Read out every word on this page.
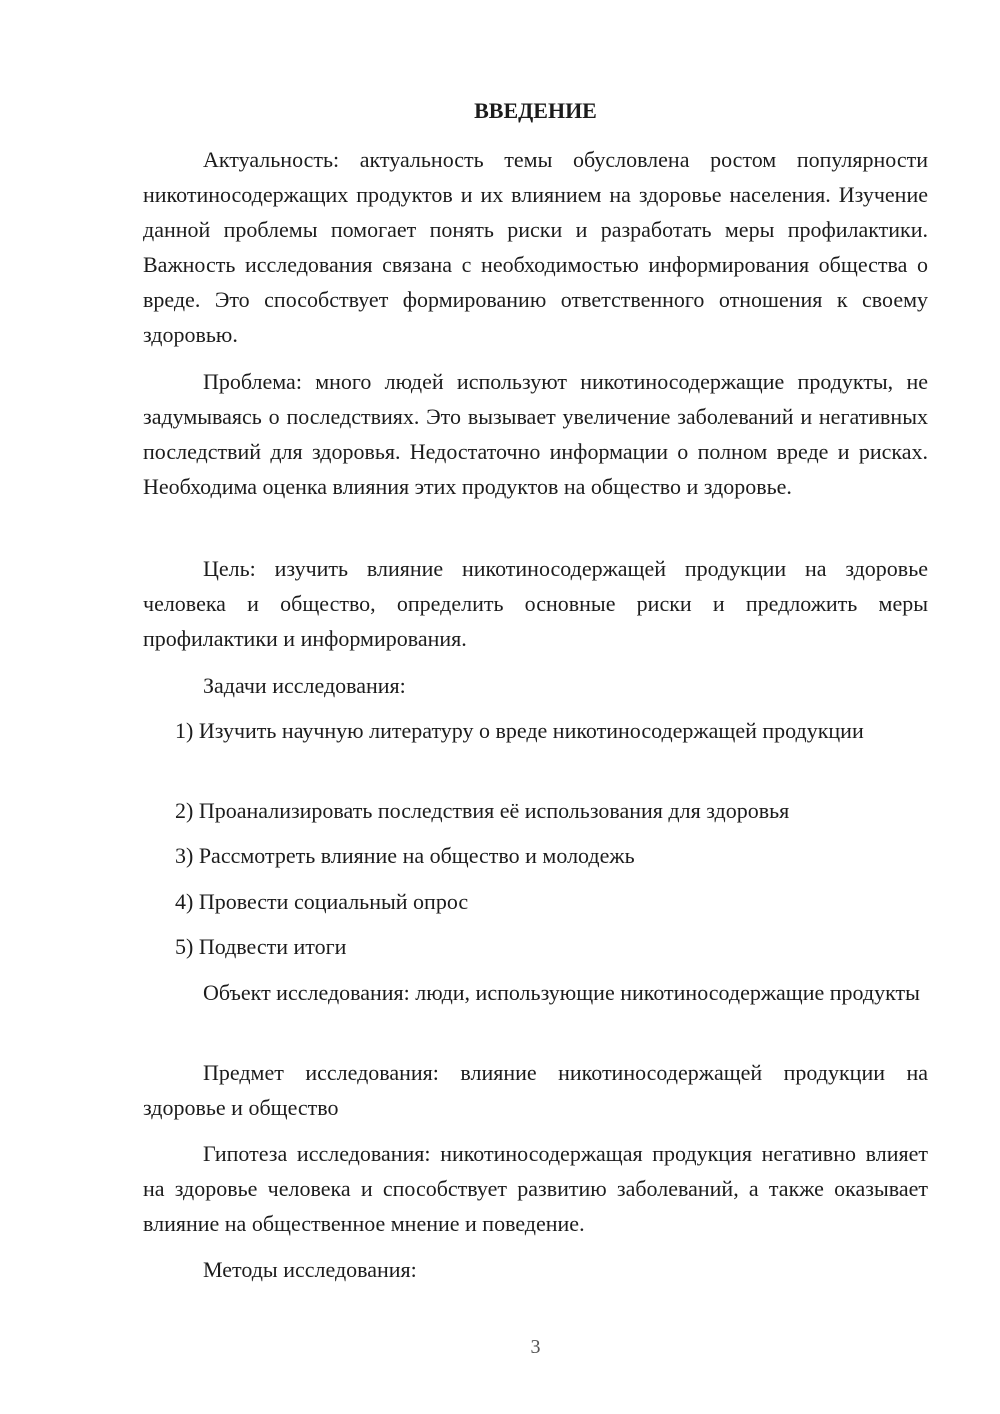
ВВЕДЕНИЕ

Актуальность: актуальность темы обусловлена ростом популярности никотиносодержащих продуктов и их влиянием на здоровье населения. Изучение данной проблемы помогает понять риски и разработать меры профилактики. Важность исследования связана с необходимостью информирования общества о вреде. Это способствует формированию ответственного отношения к своему здоровью.

Проблема: много людей используют никотиносодержащие продукты, не задумываясь о последствиях. Это вызывает увеличение заболеваний и негативных последствий для здоровья. Недостаточно информации о полном вреде и рисках. Необходима оценка влияния этих продуктов на общество и здоровье.

Цель: изучить влияние никотиносодержащей продукции на здоровье человека и общество, определить основные риски и предложить меры профилактики и информирования.

Задачи исследования:

1) Изучить научную литературу о вреде никотиносодержащей продукции

2) Проанализировать последствия её использования для здоровья

3) Рассмотреть влияние на общество и молодежь

4) Провести социальный опрос

5) Подвести итоги

Объект исследования: люди, использующие никотиносодержащие продукты

Предмет исследования: влияние никотиносодержащей продукции на здоровье и общество

Гипотеза исследования: никотиносодержащая продукция негативно влияет на здоровье человека и способствует развитию заболеваний, а также оказывает влияние на общественное мнение и поведение.

Методы исследования:

3
